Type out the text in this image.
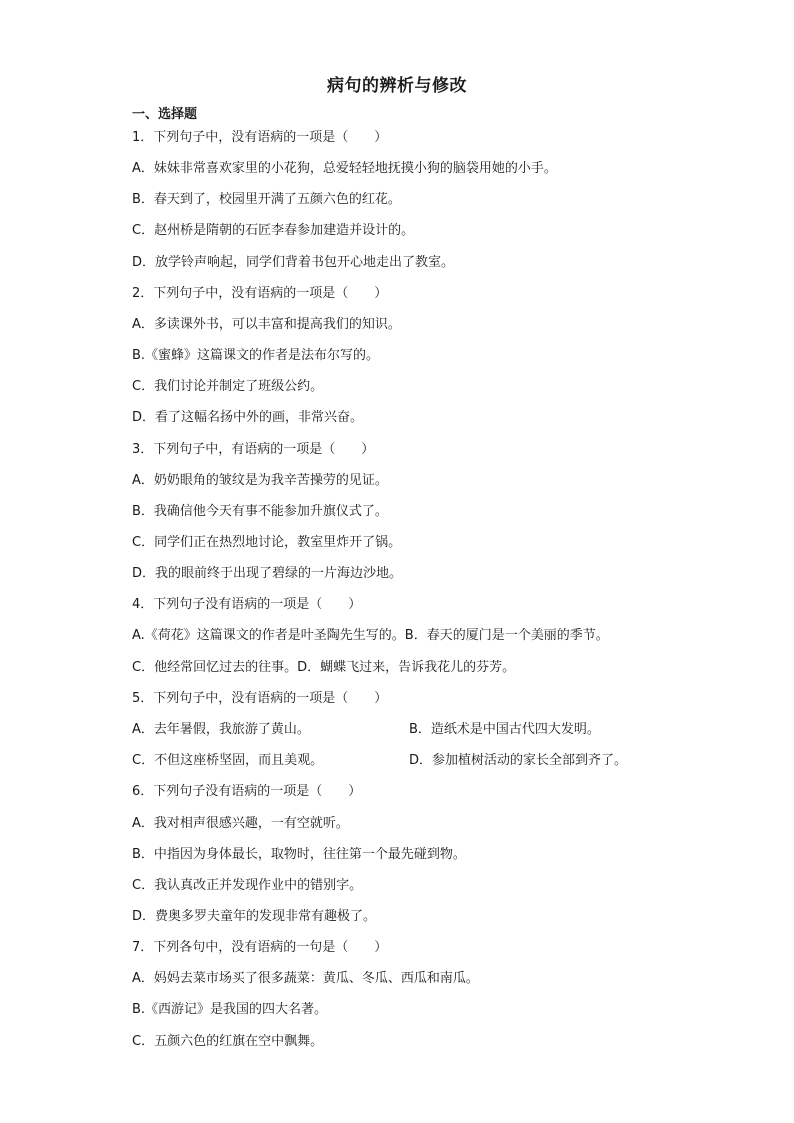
病句的辨析与修改
一、选择题
1．下列句子中，没有语病的一项是（　　）
A．妹妹非常喜欢家里的小花狗，总爱轻轻地抚摸小狗的脑袋用她的小手。
B．春天到了，校园里开满了五颜六色的红花。
C．赵州桥是隋朝的石匠李春参加建造并设计的。
D．放学铃声响起，同学们背着书包开心地走出了教室。
2．下列句子中，没有语病的一项是（　　）
A．多读课外书，可以丰富和提高我们的知识。
B.《蜜蜂》这篇课文的作者是法布尔写的。
C．我们讨论并制定了班级公约。
D．看了这幅名扬中外的画，非常兴奋。
3．下列句子中，有语病的一项是（　　）
A．奶奶眼角的皱纹是为我辛苦操劳的见证。
B．我确信他今天有事不能参加升旗仪式了。
C．同学们正在热烈地讨论，教室里炸开了锅。
D．我的眼前终于出现了碧绿的一片海边沙地。
4．下列句子没有语病的一项是（　　）
A.《荷花》这篇课文的作者是叶圣陶先生写的。B．春天的厦门是一个美丽的季节。
C．他经常回忆过去的往事。D．蝴蝶飞过来，告诉我花儿的芬芳。
5．下列句子中，没有语病的一项是（　　）
A．去年暑假，我旅游了黄山。	B．造纸术是中国古代四大发明。
C．不但这座桥坚固，而且美观。	D．参加植树活动的家长全部到齐了。
6．下列句子没有语病的一项是（　　）
A．我对相声很感兴趣，一有空就听。
B．中指因为身体最长，取物时，往往第一个最先碰到物。
C．我认真改正并发现作业中的错别字。
D．费奥多罗夫童年的发现非常有趣极了。
7．下列各句中，没有语病的一句是（　　）
A．妈妈去菜市场买了很多蔬菜：黄瓜、冬瓜、西瓜和南瓜。
B.《西游记》是我国的四大名著。
C．五颜六色的红旗在空中飘舞。
